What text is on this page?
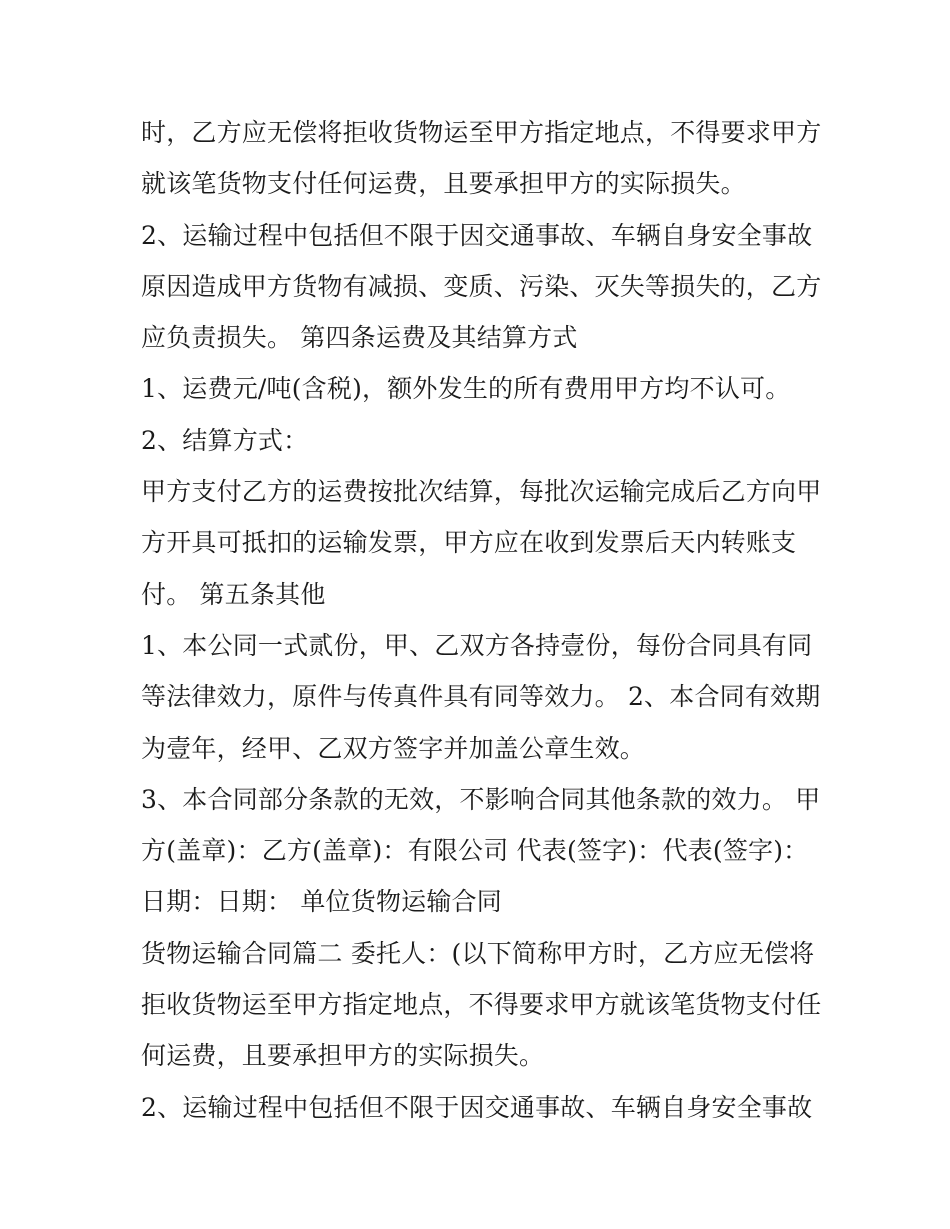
时，乙方应无偿将拒收货物运至甲方指定地点，不得要求甲方
就该笔货物支付任何运费，且要承担甲方的实际损失。
2、运输过程中包括但不限于因交通事故、车辆自身安全事故
原因造成甲方货物有减损、变质、污染、灭失等损失的，乙方
应负责损失。 第四条运费及其结算方式
1、运费元/吨(含税)，额外发生的所有费用甲方均不认可。
2、结算方式：
甲方支付乙方的运费按批次结算，每批次运输完成后乙方向甲
方开具可抵扣的运输发票，甲方应在收到发票后天内转账支
付。 第五条其他
1、本公同一式贰份，甲、乙双方各持壹份，每份合同具有同
等法律效力，原件与传真件具有同等效力。 2、本合同有效期
为壹年，经甲、乙双方签字并加盖公章生效。
3、本合同部分条款的无效，不影响合同其他条款的效力。 甲
方(盖章)：乙方(盖章)：有限公司 代表(签字)：代表(签字)：
日期：日期： 单位货物运输合同
货物运输合同篇二 委托人：(以下简称甲方时，乙方应无偿将
拒收货物运至甲方指定地点，不得要求甲方就该笔货物支付任
何运费，且要承担甲方的实际损失。
2、运输过程中包括但不限于因交通事故、车辆自身安全事故
